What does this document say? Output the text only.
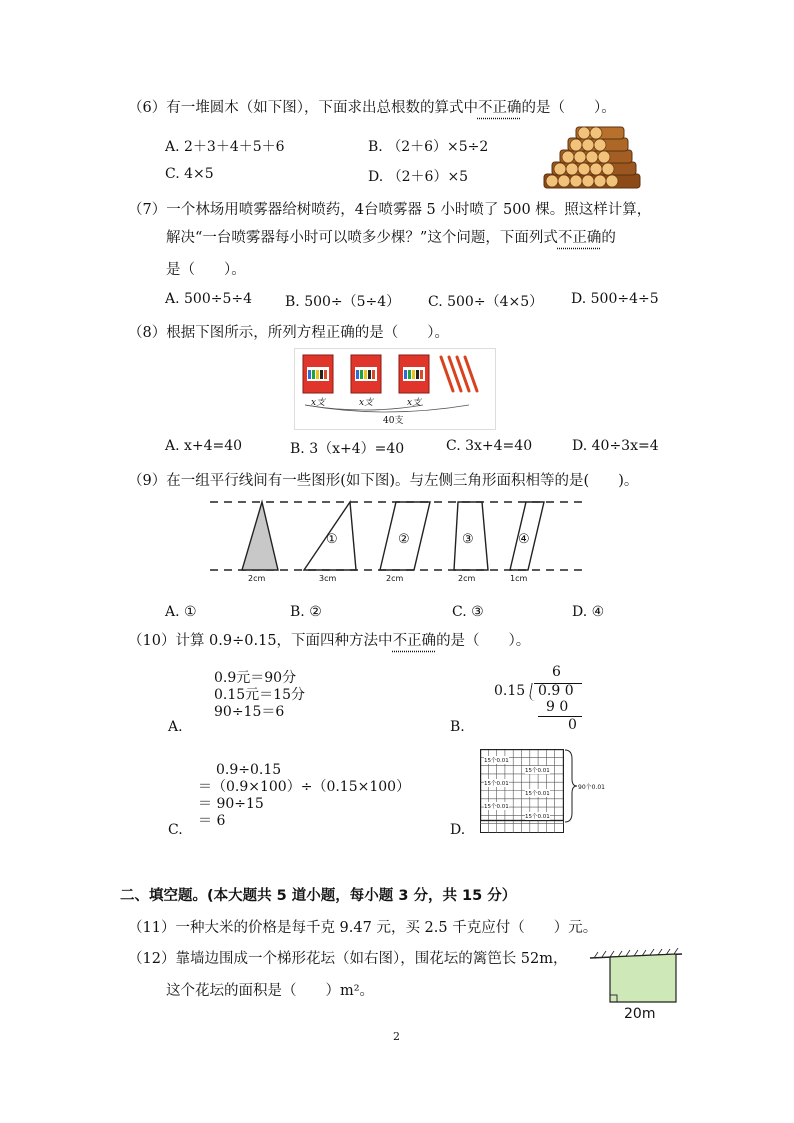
（6）有一堆圆木（如下图），下面求出总根数的算式中不正确的是（　　）。
A. 2＋3＋4＋5＋6	B. （2＋6）×5÷2
C. 4×5	D. （2＋6）×5
（7）一个林场用喷雾器给树喷药，4台喷雾器 5 小时喷了 500 棵。照这样计算，
解决“一台喷雾器每小时可以喷多少棵？”这个问题，下面列式不正确的
是（　　）。
A. 500÷5÷4 B. 500÷（5÷4） C. 500÷（4×5） D. 500÷4÷5
（8）根据下图所示，所列方程正确的是（　　）。
x支	x支	x支
40支
A. x+4=40	B. 3（x+4）=40	C. 3x+4=40	D. 40÷3x=4
（9）在一组平行线间有一些图形(如下图)。与左侧三角形面积相等的是(　　)。
①	②	③	④
2cm	3cm	2cm	2cm	1cm
A. ①	B. ②	C. ③	D. ④
（10）计算 0.9÷0.15，下面四种方法中不正确的是（　　）。
0.9元＝90分
0.15元＝15分
90÷15＝6
A.	B.
6
0.15 0.9 0
9 0
0
0.9÷0.15
＝（0.9×100）÷（0.15×100）
＝ 90÷15
＝ 6
C.	D.
15个0.01
15个0.01
15个0.01
15个0.01
15个0.01
15个0.01
90个0.01
二、填空题。(本大题共 5 道小题，每小题 3 分，共 15 分）
（11）一种大米的价格是每千克 9.47 元，买 2.5 千克应付（　　）元。
（12）靠墙边围成一个梯形花坛（如右图），围花坛的篱笆长 52m，
这个花坛的面积是（　　）m²。
20m
2
